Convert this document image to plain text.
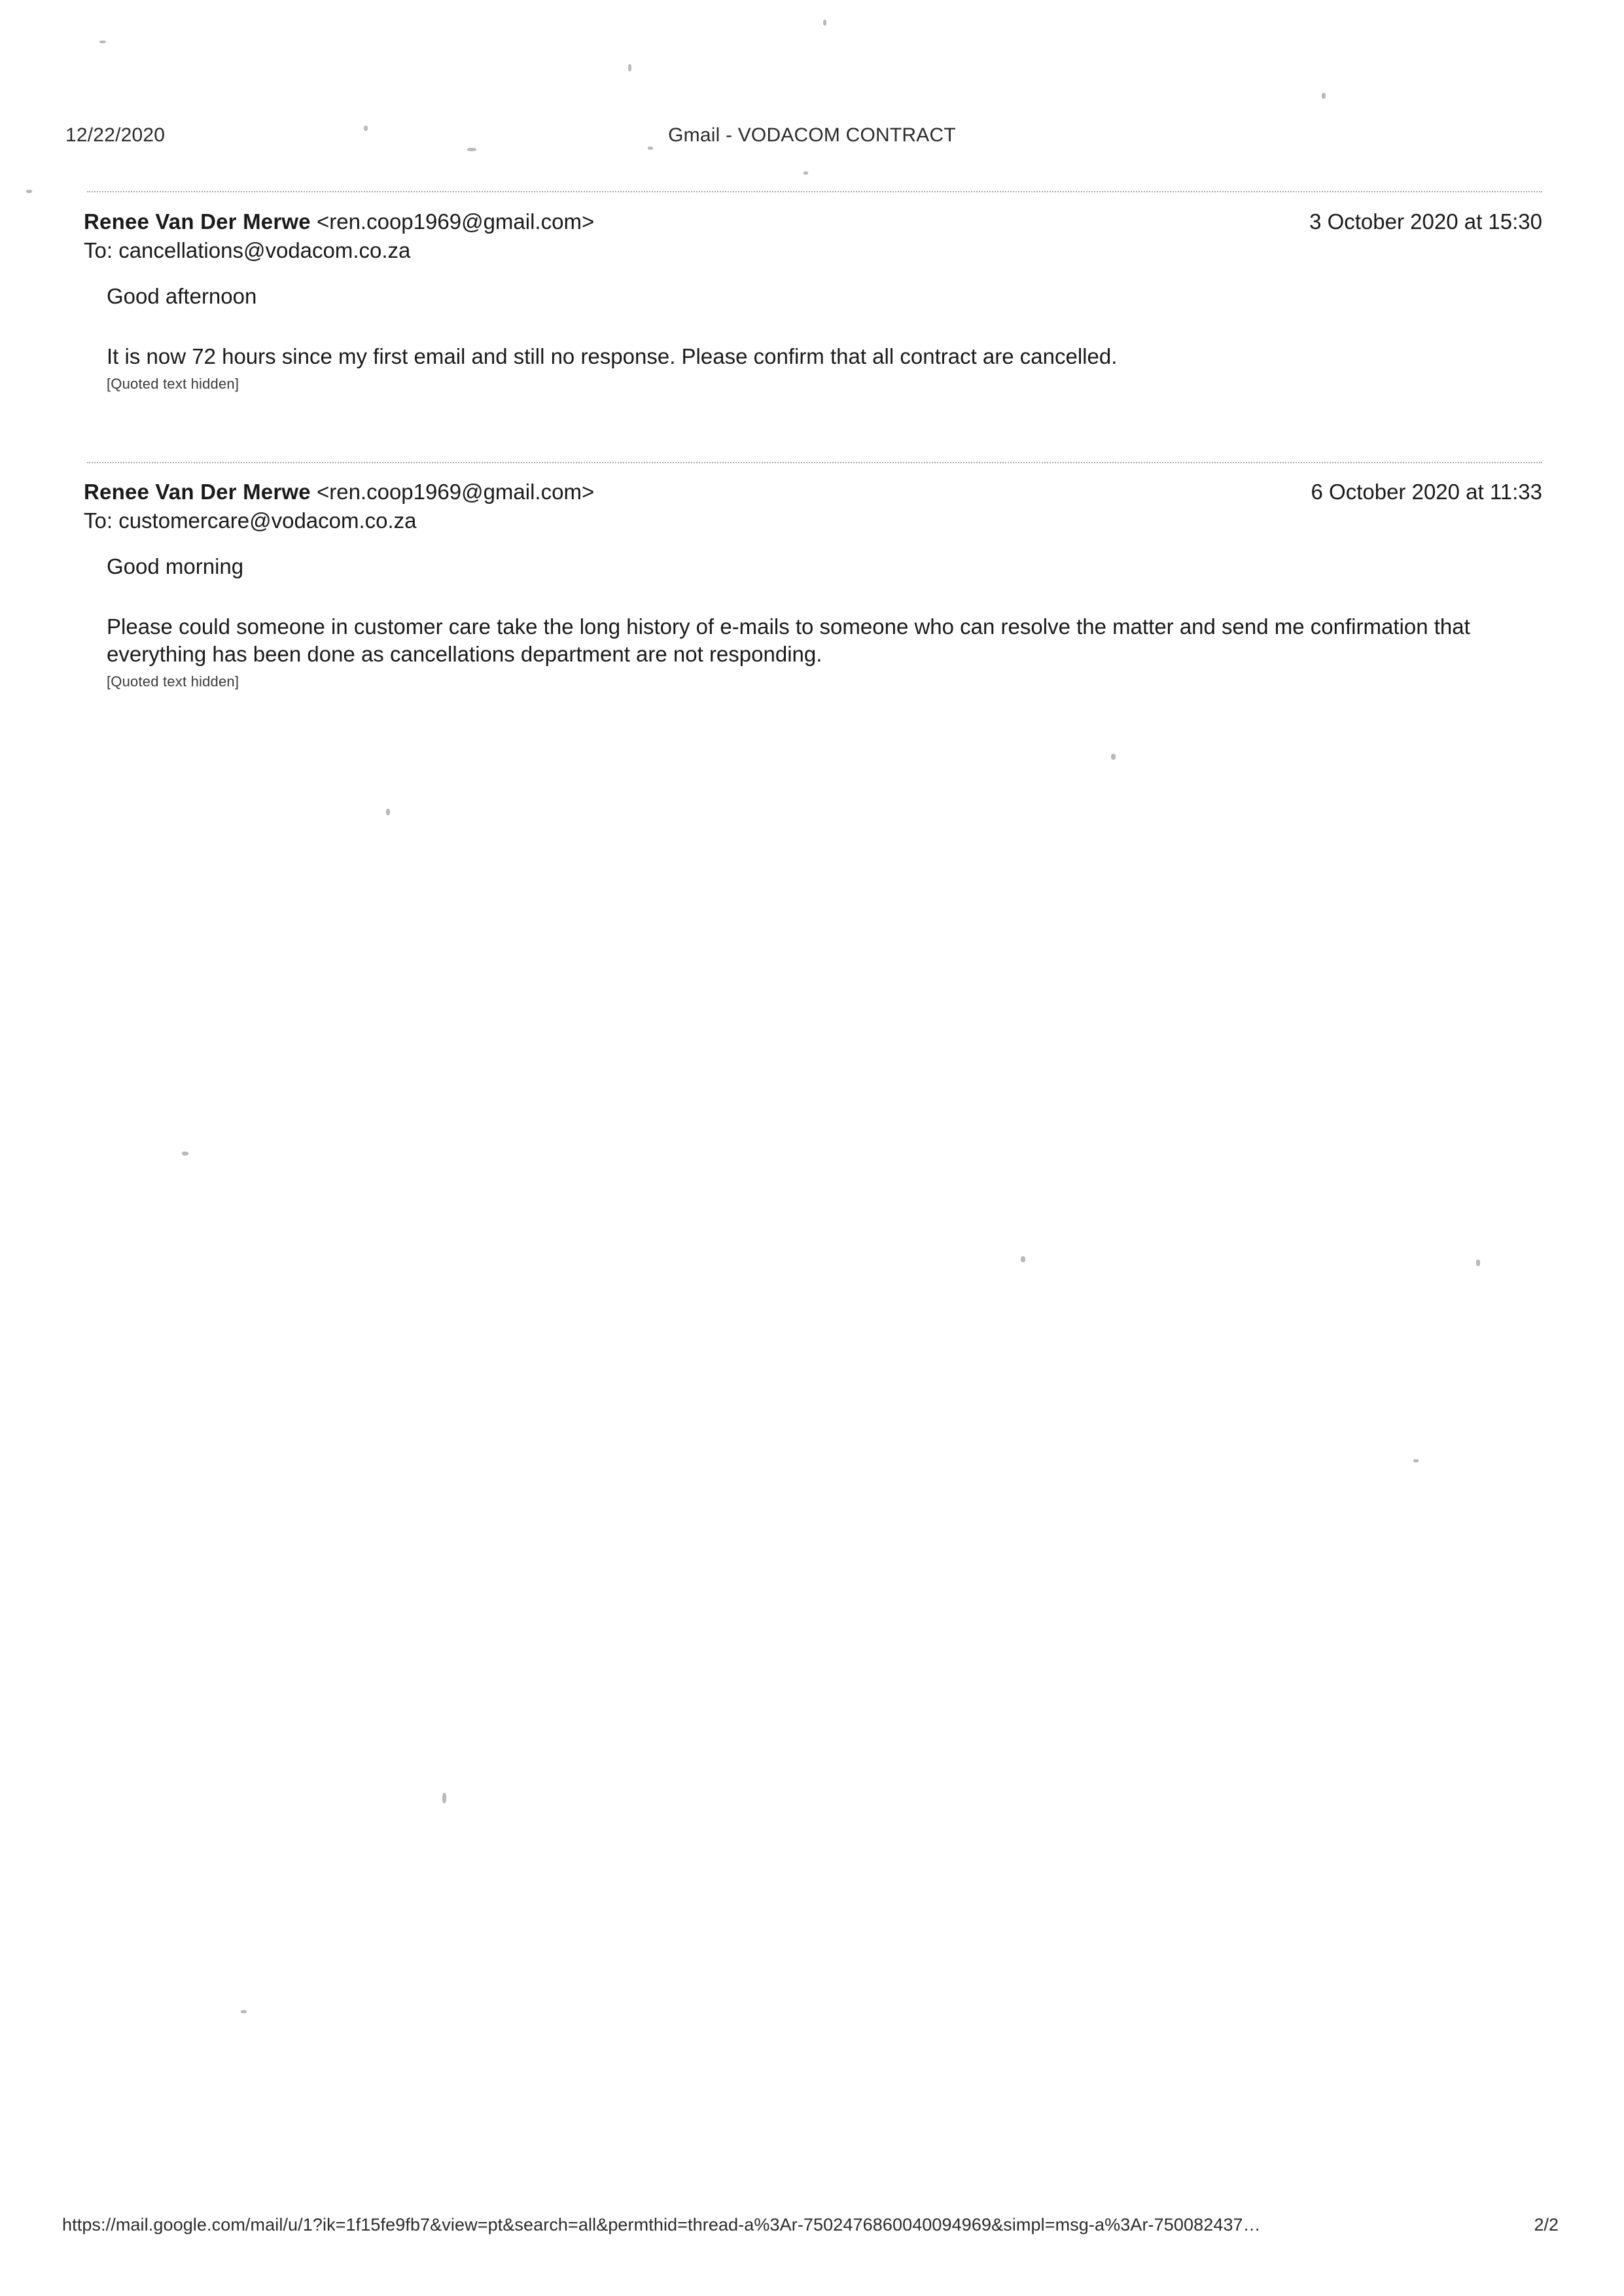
12/22/2020	Gmail - VODACOM CONTRACT
Renee Van Der Merwe <ren.coop1969@gmail.com>
To: cancellations@vodacom.co.za
3 October 2020 at 15:30
Good afternoon
It is now 72 hours since my first email and still no response. Please confirm that all contract are cancelled.
[Quoted text hidden]
Renee Van Der Merwe <ren.coop1969@gmail.com>
To: customercare@vodacom.co.za
6 October 2020 at 11:33
Good morning
Please could someone in customer care take the long history of e-mails to someone who can resolve the matter and send me confirmation that everything has been done as cancellations department are not responding.
[Quoted text hidden]
https://mail.google.com/mail/u/1?ik=1f15fe9fb7&view=pt&search=all&permthid=thread-a%3Ar-7502476860040094969&simpl=msg-a%3Ar-750082437…	2/2
